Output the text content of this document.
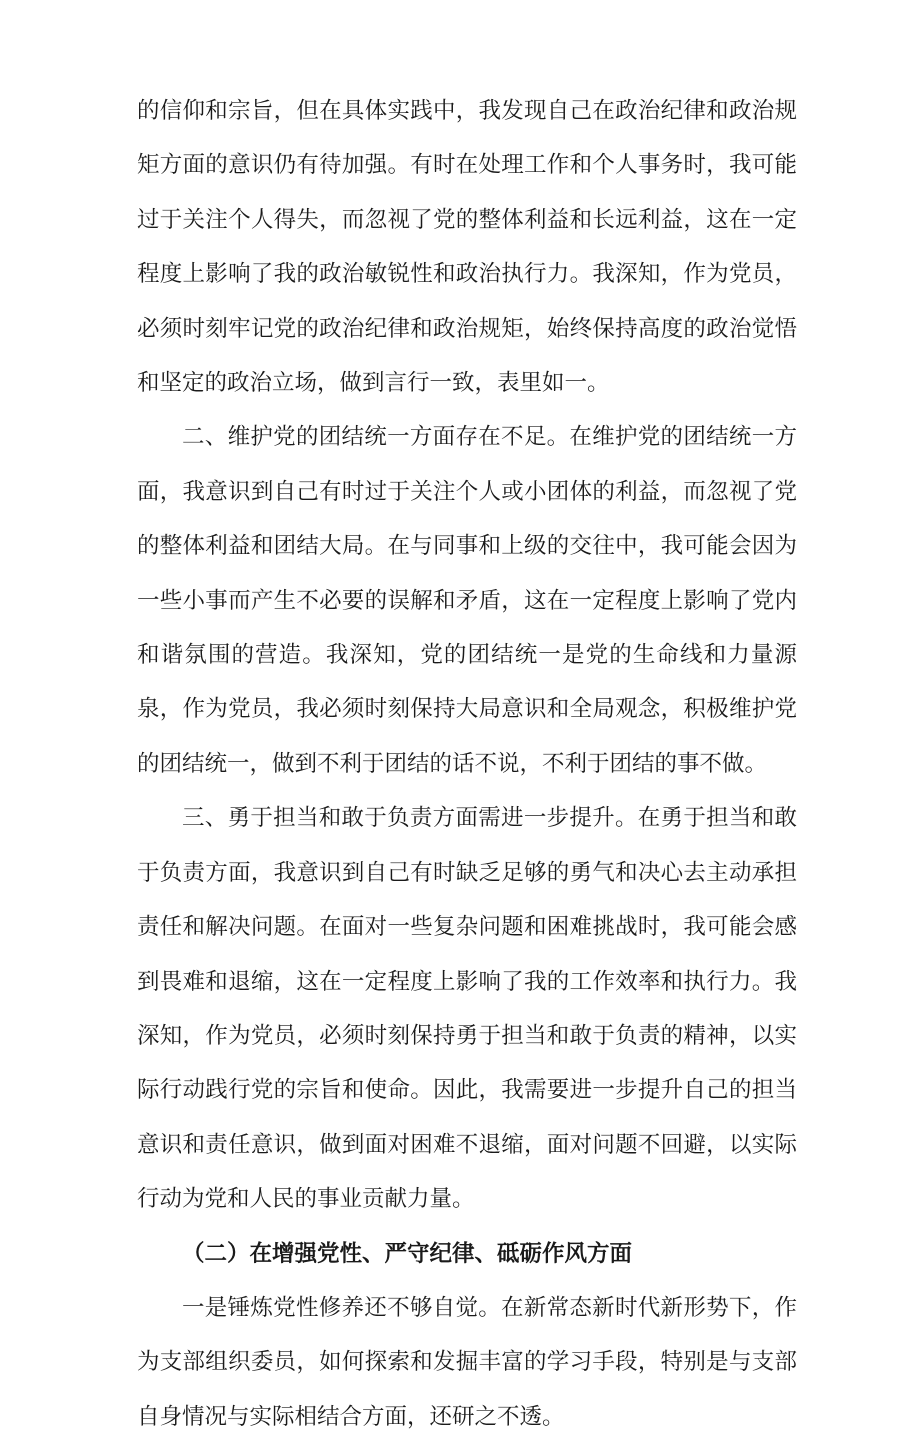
的信仰和宗旨，但在具体实践中，我发现自己在政治纪律和政治规矩方面的意识仍有待加强。有时在处理工作和个人事务时，我可能过于关注个人得失，而忽视了党的整体利益和长远利益，这在一定程度上影响了我的政治敏锐性和政治执行力。我深知，作为党员，必须时刻牢记党的政治纪律和政治规矩，始终保持高度的政治觉悟和坚定的政治立场，做到言行一致，表里如一。

二、维护党的团结统一方面存在不足。在维护党的团结统一方面，我意识到自己有时过于关注个人或小团体的利益，而忽视了党的整体利益和团结大局。在与同事和上级的交往中，我可能会因为一些小事而产生不必要的误解和矛盾，这在一定程度上影响了党内和谐氛围的营造。我深知，党的团结统一是党的生命线和力量源泉，作为党员，我必须时刻保持大局意识和全局观念，积极维护党的团结统一，做到不利于团结的话不说，不利于团结的事不做。

三、勇于担当和敢于负责方面需进一步提升。在勇于担当和敢于负责方面，我意识到自己有时缺乏足够的勇气和决心去主动承担责任和解决问题。在面对一些复杂问题和困难挑战时，我可能会感到畏难和退缩，这在一定程度上影响了我的工作效率和执行力。我深知，作为党员，必须时刻保持勇于担当和敢于负责的精神，以实际行动践行党的宗旨和使命。因此，我需要进一步提升自己的担当意识和责任意识，做到面对困难不退缩，面对问题不回避，以实际行动为党和人民的事业贡献力量。

（二）在增强党性、严守纪律、砥砺作风方面

一是锤炼党性修养还不够自觉。在新常态新时代新形势下，作为支部组织委员，如何探索和发掘丰富的学习手段，特别是与支部自身情况与实际相结合方面，还研之不透。
